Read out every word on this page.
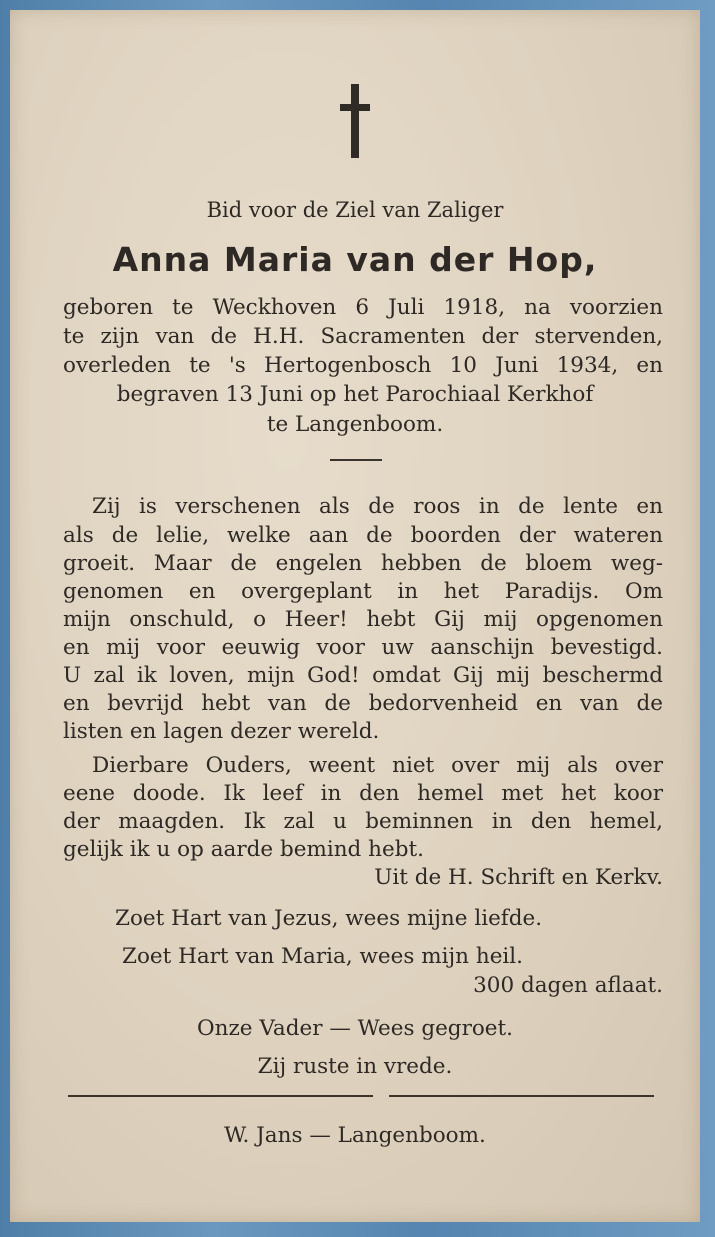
Bid voor de Ziel van Zaliger
Anna Maria van der Hop,
geboren te Weckhoven 6 Juli 1918, na voorzien
te zijn van de H.H. Sacramenten der stervenden,
overleden te 's Hertogenbosch 10 Juni 1934, en
begraven 13 Juni op het Parochiaal Kerkhof
te Langenboom.
Zij is verschenen als de roos in de lente en
als de lelie, welke aan de boorden der wateren
groeit. Maar de engelen hebben de bloem weg-
genomen en overgeplant in het Paradijs. Om
mijn onschuld, o Heer! hebt Gij mij opgenomen
en mij voor eeuwig voor uw aanschijn bevestigd.
U zal ik loven, mijn God! omdat Gij mij beschermd
en bevrijd hebt van de bedorvenheid en van de
listen en lagen dezer wereld.
Dierbare Ouders, weent niet over mij als over
eene doode. Ik leef in den hemel met het koor
der maagden. Ik zal u beminnen in den hemel,
gelijk ik u op aarde bemind hebt.
Uit de H. Schrift en Kerkv.
Zoet Hart van Jezus, wees mijne liefde.
Zoet Hart van Maria, wees mijn heil.
300 dagen aflaat.
Onze Vader — Wees gegroet.
Zij ruste in vrede.
W. Jans — Langenboom.
